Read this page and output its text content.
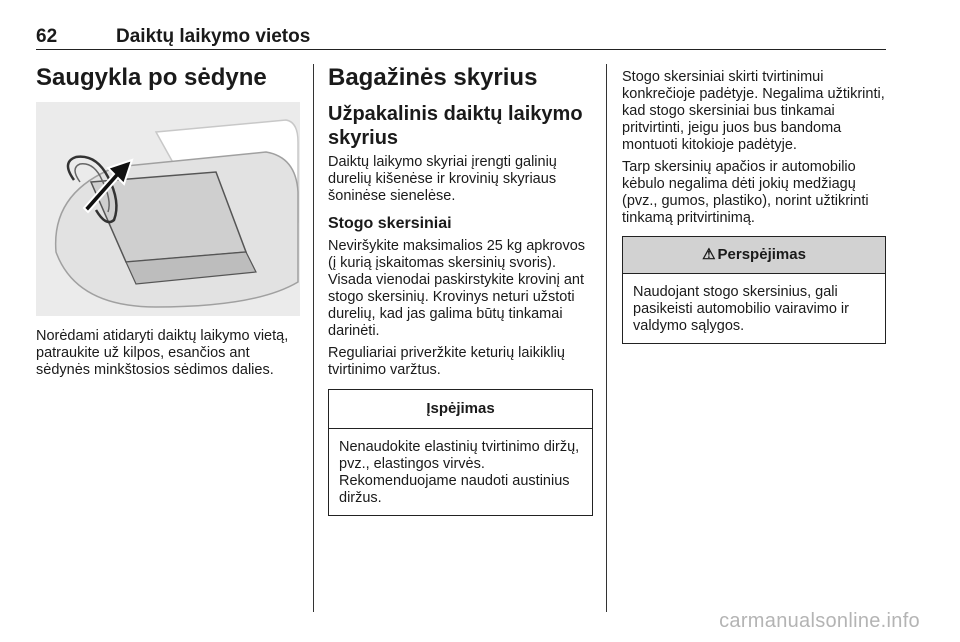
62	Daiktų laikymo vietos
Saugykla po sėdyne

Norėdami atidaryti daiktų laikymo vietą, patraukite už kilpos, esančios ant sėdynės minkštosios sėdimos dalies.

Bagažinės skyrius
Užpakalinis daiktų laikymo skyrius

Daiktų laikymo skyriai įrengti galinių durelių kišenėse ir krovinių skyriaus šoninėse sienelėse.

Stogo skersiniai

Neviršykite maksimalios 25 kg apkrovos (į kurią įskaitomas skersinių svoris). Visada vienodai paskirstykite krovinį ant stogo skersinių. Krovinys neturi užstoti durelių, kad jas galima būtų tinkamai darinėti.

Reguliariai priveržkite keturių laikiklių tvirtinimo varžtus.

Įspėjimas

Nenaudokite elastinių tvirtinimo diržų, pvz., elastingos virvės. Rekomenduojame naudoti austinius diržus.

Stogo skersiniai skirti tvirtinimui konkrečioje padėtyje. Negalima užtikrinti, kad stogo skersiniai bus tinkamai pritvirtinti, jeigu juos bus bandoma montuoti kitokioje padėtyje.

Tarp skersinių apačios ir automobilio kėbulo negalima dėti jokių medžiagų (pvz., gumos, plastiko), norint užtikrinti tinkamą pritvirtinimą.

⚠ Perspėjimas

Naudojant stogo skersinius, gali pasikeisti automobilio vairavimo ir valdymo sąlygos.

carmanualsonline.info
